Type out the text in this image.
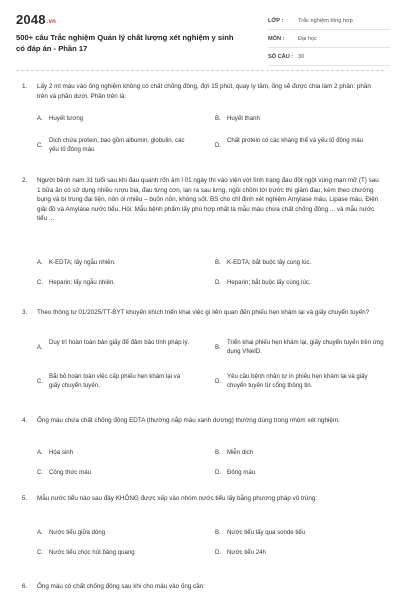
2048.vn
500+ câu Trắc nghiệm Quản lý chất lượng xét nghiệm y sinh có đáp án - Phần 17
LỚP :	Trắc nghiệm tổng hợp
MÔN :	Đại học
SỐ CÂU : 30
1.	Lấy 2 ml máu vào ống nghiệm không có chất chống đông, đợi 15 phút, quay ly tâm, ống sẽ được chia làm 2 phần: phần trên và phần dưới. Phần trên là:
A. Huyết tương	B. Huyết thanh
C.
Dịch chứa protein, bao gồm albumin, globulin, các yếu tố đông máu
D.
Chất protein có các kháng thể và yếu tố đông máu
2.	Người bệnh nam 31 tuổi sau khi đau quanh rốn âm ỉ 01 ngày thì vào viện với tình trạng đau đột ngột vùng mạn mỡ (T) sau 1 bữa ăn có sử dụng nhiều rượu bia, đau từng cơn, lan ra sau lưng, ngồi chồm tới trước thì giảm đau, kèm theo chướng bụng và bí trung đại tiện, nôn ói nhiều – buồn nôn, không sốt. BS cho chỉ định xét nghiệm Amylase máu, Lipase máu, Điện giải đồ và Amylase nước tiểu. Hỏi: Mẫu bệnh phẩm lấy phù hợp nhất là mẫu máu chứa chất chống đông ... và mẫu nước tiểu ...
A. K-EDTA; lấy ngẫu nhiên.	B. K-EDTA; bắt buộc lấy cùng lúc.
C. Heparin; lấy ngẫu nhiên.	D. Heparin; bắt buộc lấy cùng lúc.
3.	Theo thông tư 01/2025/TT-BYT khuyến khích triển khai việc gì liên quan đến phiếu hẹn khám lại và giấy chuyển tuyến?
A.
Duy trì hoàn toàn bản giấy để đảm bảo tính pháp lý.
B.
Triển khai phiếu hẹn khám lại, giấy chuyển tuyến trên ứng dụng VNeID.
C.
Bãi bỏ hoàn toàn việc cấp phiếu hẹn khám lại và giấy chuyển tuyến.
D.
Yêu cầu bệnh nhân tự in phiếu hẹn khám lại và giấy chuyển tuyến từ cổng thông tin.
4.	Ống máu chứa chất chống đông EDTA (thường nắp màu xanh dương) thường dùng trong nhóm xét nghiệm:
A. Hóa sinh	B. Miễn dịch
C. Công thức máu	D. Đông máu
5.	Mẫu nước tiểu nào sau đây KHÔNG được xếp vào nhóm nước tiểu lấy bằng phương pháp vô trùng:
A. Nước tiểu giữa dòng	B. Nước tiểu lấy qua sonde tiểu
C. Nước tiểu chọc hút bàng quang	D. Nước tiểu 24h
6.	Ống máu có chất chống đông sau khi cho máu vào ống cần:
